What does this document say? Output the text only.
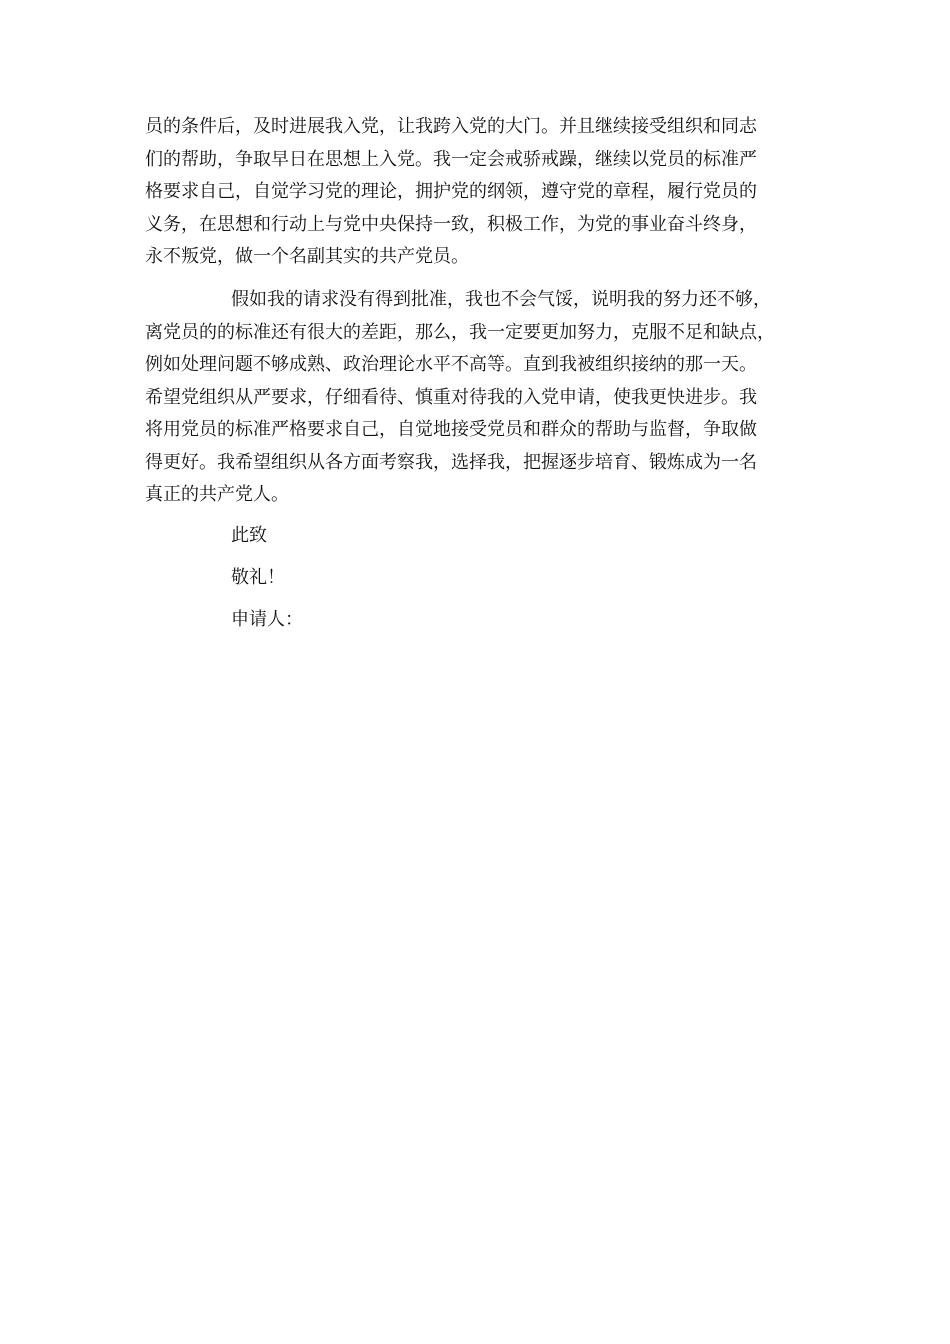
员的条件后，及时进展我入党，让我跨入党的大门。并且继续接受组织和同志
们的帮助，争取早日在思想上入党。我一定会戒骄戒躁，继续以党员的标准严
格要求自己，自觉学习党的理论，拥护党的纲领，遵守党的章程，履行党员的
义务，在思想和行动上与党中央保持一致，积极工作，为党的事业奋斗终身，
永不叛党，做一个名副其实的共产党员。
假如我的请求没有得到批准，我也不会气馁，说明我的努力还不够，
离党员的的标准还有很大的差距，那么，我一定要更加努力，克服不足和缺点，
例如处理问题不够成熟、政治理论水平不高等。直到我被组织接纳的那一天。
希望党组织从严要求，仔细看待、慎重对待我的入党申请，使我更快进步。我
将用党员的标准严格要求自己，自觉地接受党员和群众的帮助与监督，争取做
得更好。我希望组织从各方面考察我，选择我，把握逐步培育、锻炼成为一名
真正的共产党人。
此致
敬礼！
申请人：
